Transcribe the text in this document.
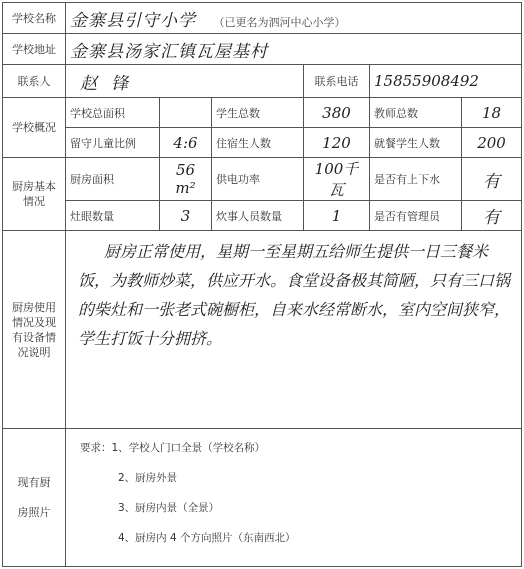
学校名称	金寨县引守小学 （已更名为泗河中心小学）					
学校地址	金寨县汤家汇镇瓦屋基村					
联系人	赵锋			联系电话	15855908492	
学校概况	学校总面积		学生总数	380	教师总数	18
	留守儿童比例	4:6	住宿生人数	120	就餐学生人数	200
厨房基本情况	厨房面积	56 m²	供电功率	100千瓦	是否有上下水	有
	灶眼数量	3	炊事人员数量	1	是否有管理员	有
厨房使用情况及现有设备情况说明	厨房正常使用，星期一至星期五给师生提供一日三餐米饭，为教师炒菜，供应开水。食堂设备极其简陋，只有三口锅的柴灶和一张老式碗橱柜，自来水经常断水，室内空间狭窄，学生打饭十分拥挤。					
现有厨房照片	要求：1、学校人门口全景（学校名称）
2、厨房外景
3、厨房内景（全景）
4、厨房内 4 个方向照片（东南西北）					
